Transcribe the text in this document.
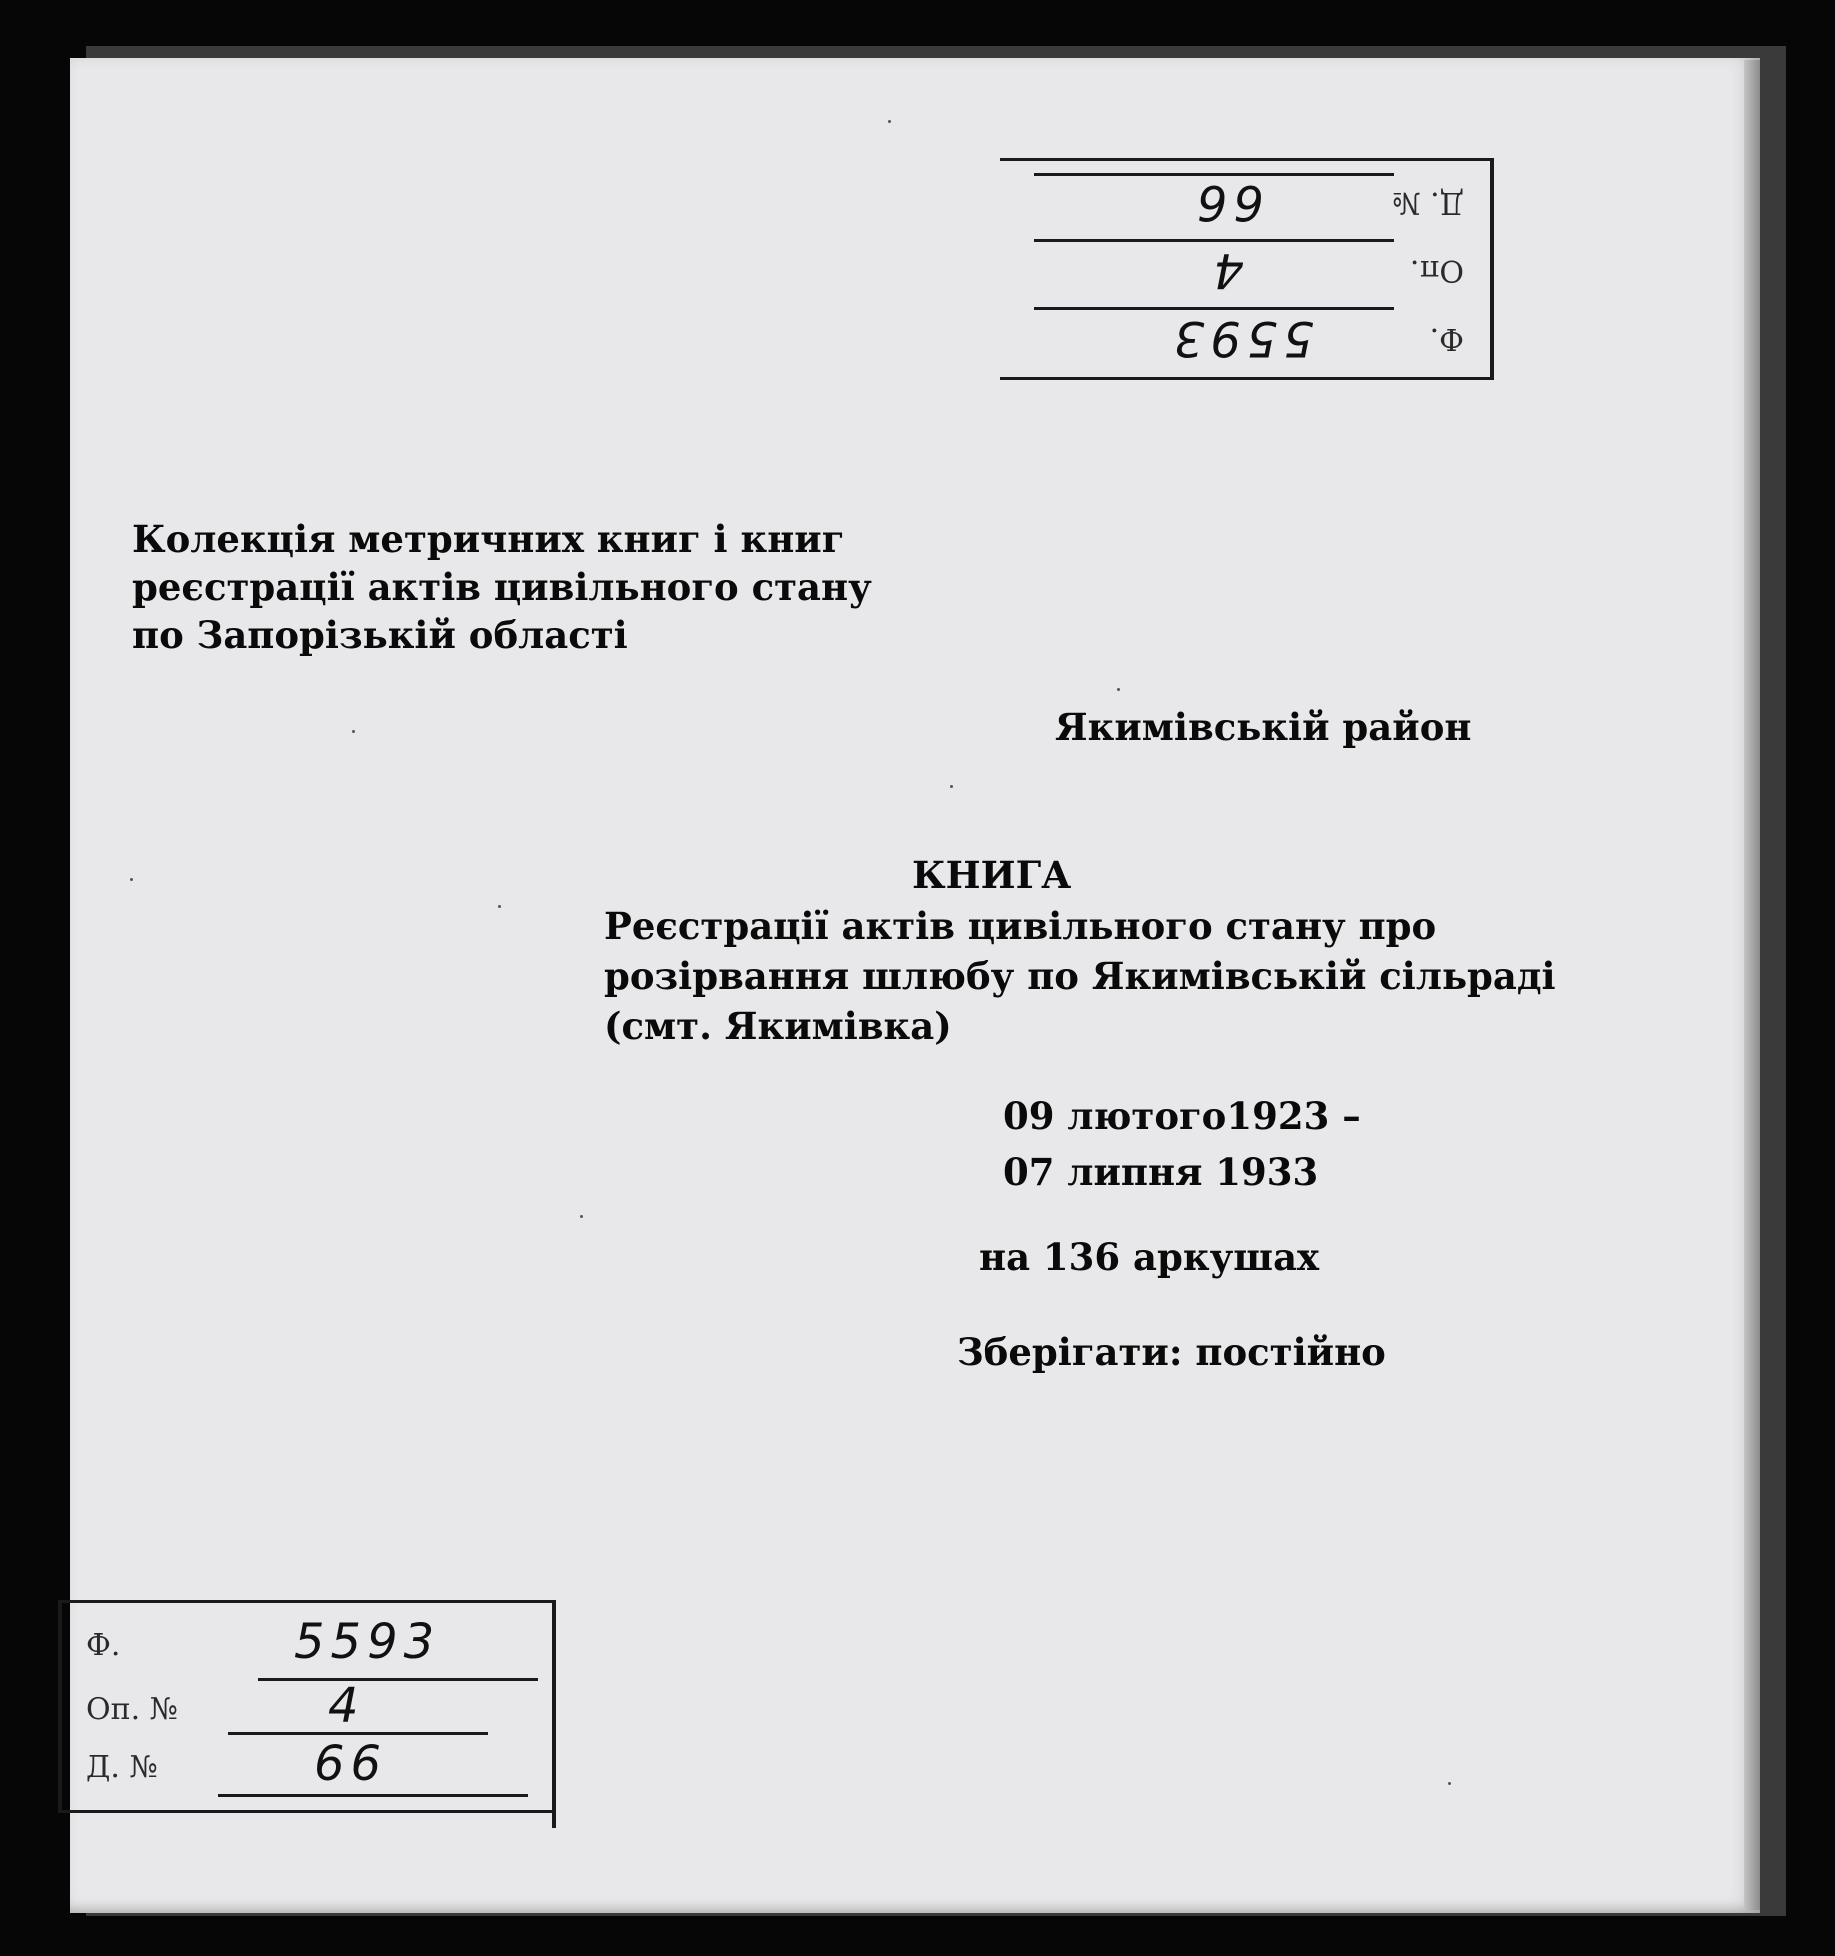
Ф.
5593
Оп.
4
Д. №
66
Колекція метричних книг і книг
реєстрації актів цивільного стану
по Запорізькій області
Якимівськiй район
КНИГА
Реєстрації актів цивільного стану про
розірвання шлюбу по Якимівській сільраді
(смт. Якимівка)
09 лютого1923 –
07 липня 1933
на 136 аркушах
Зберігати: постійно
Ф.	5593
Оп. №	4
Д. №	66
